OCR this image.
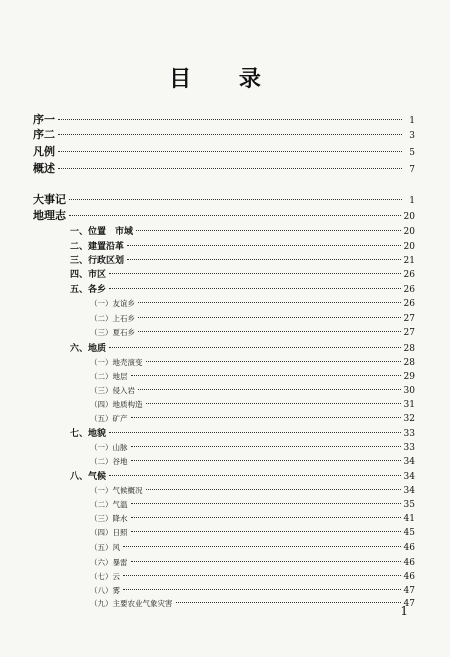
目 录
序一	1
序二	3
凡例	5
概述	7
大事记	1
地理志	20
一、位置　市域	20
二、建置沿革	20
三、行政区划	21
四、市区	26
五、各乡	26
（一）友谊乡	26
（二）上石乡	27
（三）夏石乡	27
六、地质	28
（一）地壳演变	28
（二）地层	29
（三）侵入岩	30
（四）地质构造	31
（五）矿产	32
七、地貌	33
（一）山脉	33
（二）谷地	34
八、气候	34
（一）气候概况	34
（二）气温	35
（三）降水	41
（四）日照	45
（五）风	46
（六）暴雷	46
（七）云	46
（八）雾	47
（九）主要农业气象灾害	47
1
